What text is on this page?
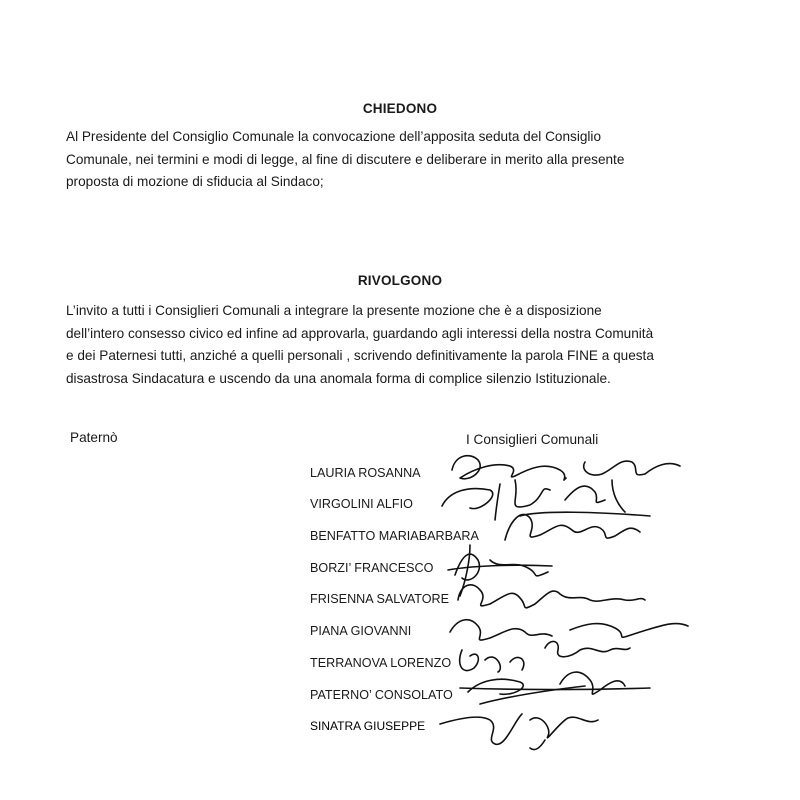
CHIEDONO
Al Presidente del Consiglio Comunale la convocazione dell’apposita seduta del Consiglio
Comunale, nei termini e modi di legge, al fine di discutere e deliberare in merito alla presente
proposta di mozione di sfiducia al Sindaco;
RIVOLGONO
L’invito a tutti i Consiglieri Comunali a integrare la presente mozione che è a disposizione
dell’intero consesso civico ed infine ad approvarla, guardando agli interessi della nostra Comunità
e dei Paternesi tutti, anziché a quelli personali , scrivendo definitivamente la parola FINE a questa
disastrosa Sindacatura e uscendo da una anomala forma di complice silenzio Istituzionale.
Paternò	I Consiglieri Comunali
LAURIA ROSANNA
VIRGOLINI ALFIO
BENFATTO MARIABARBARA
BORZI’ FRANCESCO
FRISENNA SALVATORE
PIANA GIOVANNI
TERRANOVA LORENZO
PATERNO’ CONSOLATO
SINATRA GIUSEPPE
